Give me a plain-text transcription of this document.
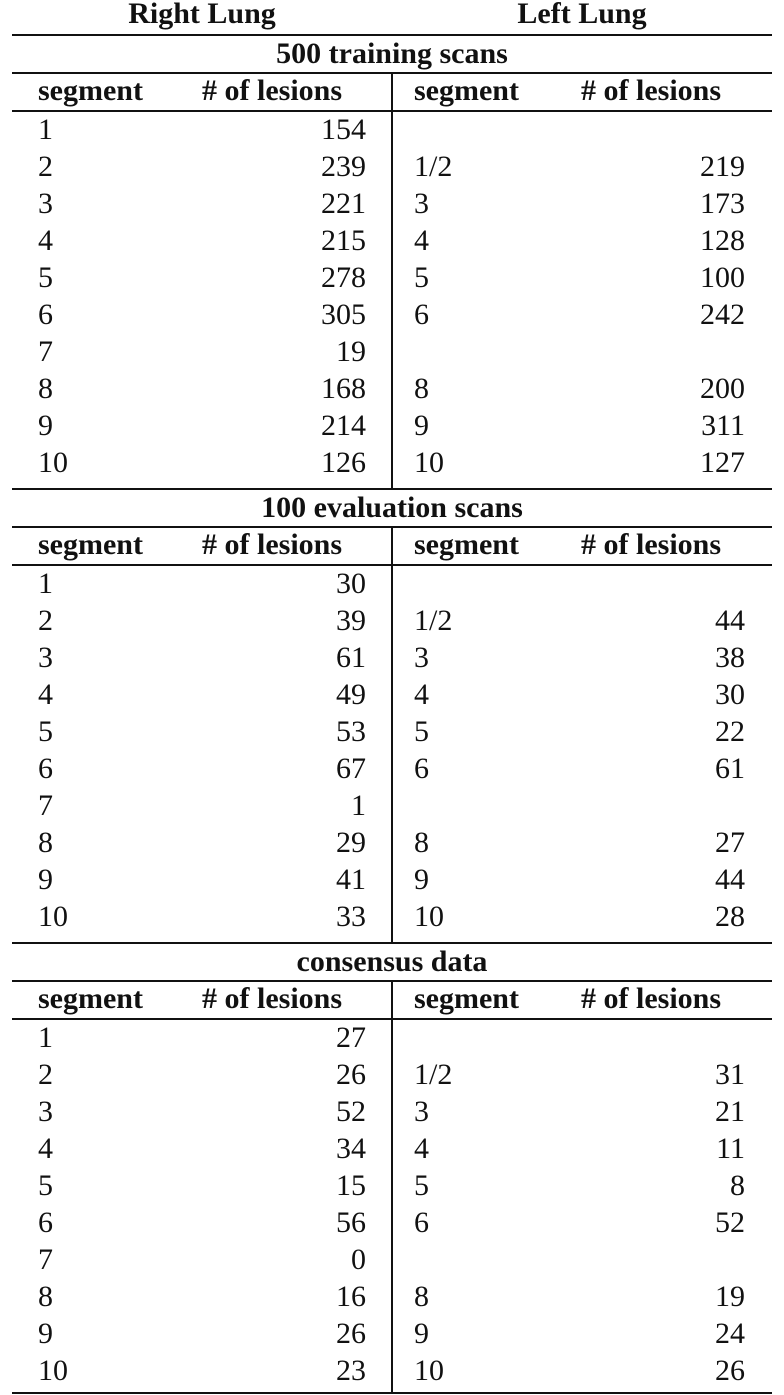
Right Lung	Left Lung
500 training scans
segment # of lesions segment # of lesions
1	154
2	239 1/2	219
3	221 3	173
4	215 4	128
5	278 5	100
6	305 6	242
7	19
8	168 8	200
9	214 9	311
10	126 10	127
100 evaluation scans
segment # of lesions segment # of lesions
1	30
2	39 1/2	44
3	61 3	38
4	49 4	30
5	53 5	22
6	67 6	61
7	1
8	29 8	27
9	41 9	44
10	33 10	28
consensus data
segment # of lesions segment # of lesions
1	27
2	26 1/2	31
3	52 3	21
4	34 4	11
5	15 5	8
6	56 6	52
7	0
8	16 8	19
9	26 9	24
10	23 10	26
